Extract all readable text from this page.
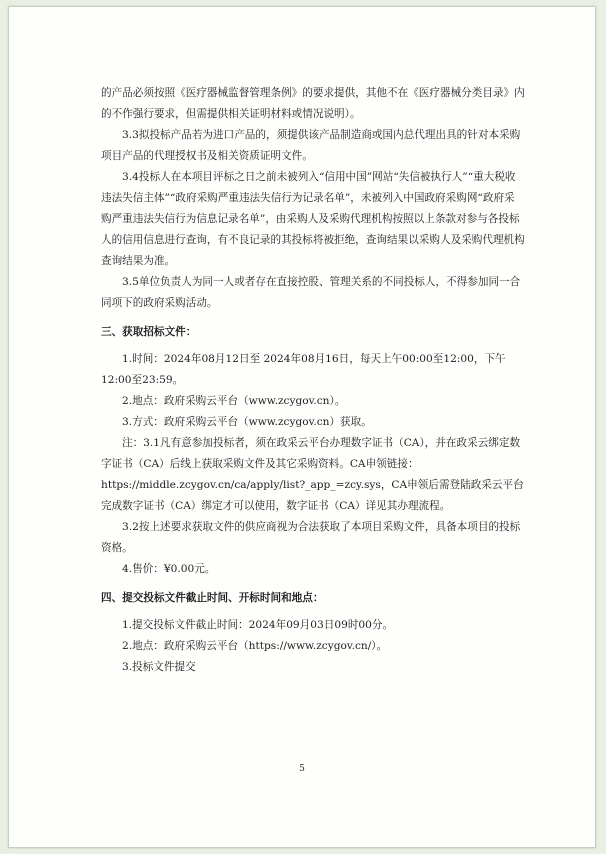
的产品必须按照《医疗器械监督管理条例》的要求提供，其他不在《医疗器械分类目录》内的不作强行要求，但需提供相关证明材料或情况说明）。

3.3拟投标产品若为进口产品的，须提供该产品制造商或国内总代理出具的针对本采购项目产品的代理授权书及相关资质证明文件。

3.4投标人在本项目评标之日之前未被列入“信用中国”网站“失信被执行人”“重大税收违法失信主体”“政府采购严重违法失信行为记录名单”，未被列入中国政府采购网“政府采购严重违法失信行为信息记录名单”，由采购人及采购代理机构按照以上条款对参与各投标人的信用信息进行查询，有不良记录的其投标将被拒绝，查询结果以采购人及采购代理机构查询结果为准。

3.5单位负责人为同一人或者存在直接控股、管理关系的不同投标人，不得参加同一合同项下的政府采购活动。

三、获取招标文件：

1.时间：2024年08月12日至 2024年08月16日，每天上午00:00至12:00，下午12:00至23:59。

2.地点：政府采购云平台（www.zcygov.cn）。

3.方式：政府采购云平台（www.zcygov.cn）获取。

注：3.1凡有意参加投标者，须在政采云平台办理数字证书（CA），并在政采云绑定数字证书（CA）后线上获取采购文件及其它采购资料。CA申领链接：https://middle.zcygov.cn/ca/apply/list?_app_=zcy.sys，CA申领后需登陆政采云平台完成数字证书（CA）绑定才可以使用，数字证书（CA）详见其办理流程。

3.2按上述要求获取文件的供应商视为合法获取了本项目采购文件，具备本项目的投标资格。

4.售价：¥0.00元。

四、提交投标文件截止时间、开标时间和地点：

1.提交投标文件截止时间：2024年09月03日09时00分。

2.地点：政府采购云平台（https://www.zcygov.cn/）。

3.投标文件提交

5
